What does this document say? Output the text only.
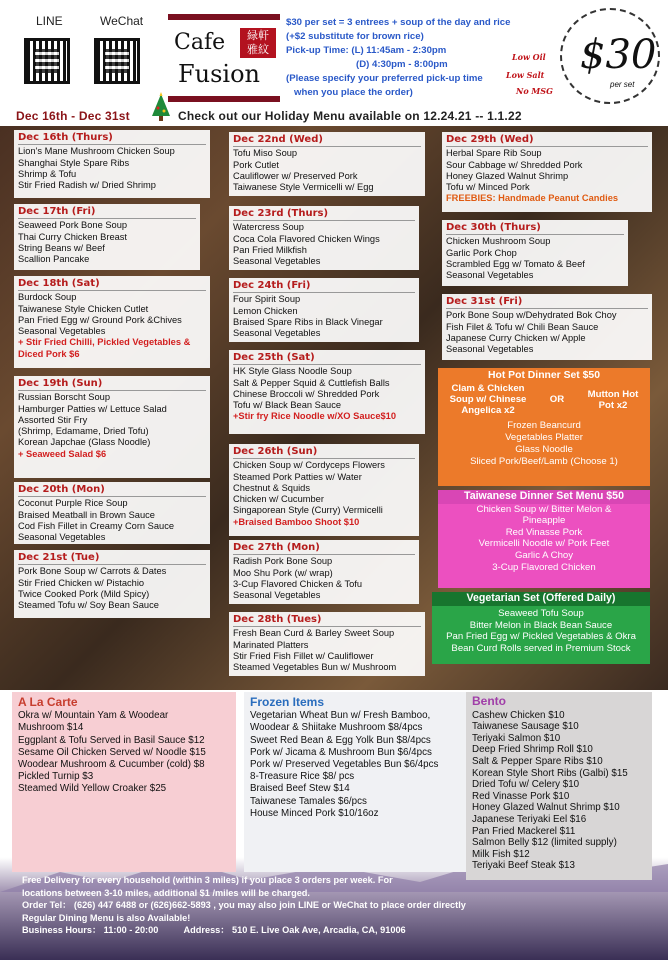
LINE	WeChat
Cafe
Fusion
緑軒
雅紋
$30 per set = 3 entrees + soup of the day and rice
(+$2 substitute for brown rice)
Pick-up Time: (L) 11:45am - 2:30pm
(D) 4:30pm - 8:00pm
(Please specify your preferred pick-up time
when you place the order)
Low Oil
Low Salt
No MSG
$30
per set
Dec 16th - Dec 31st	Check out our Holiday Menu available on 12.24.21 -- 1.1.22
Dec 16th (Thurs)
Lion's Mane Mushroom Chicken Soup
Shanghai Style Spare Ribs
Shrimp & Tofu
Stir Fried Radish w/ Dried Shrimp
Dec 17th (Fri)
Seaweed Pork Bone Soup
Thai Curry Chicken Breast
String Beans w/ Beef
Scallion Pancake
Dec 18th (Sat)
Burdock Soup
Taiwanese Style Chicken Cutlet
Pan Fried Egg w/ Ground Pork &Chives
Seasonal Vegetables
+ Stir Fried Chilli, Pickled Vegetables & Diced Pork $6
Dec 19th (Sun)
Russian Borscht Soup
Hamburger Patties w/ Lettuce Salad
Assorted Stir Fry
(Shrimp, Edamame, Dried Tofu)
Korean Japchae (Glass Noodle)
+ Seaweed Salad $6
Dec 20th (Mon)
Coconut Purple Rice Soup
Braised Meatball in Brown Sauce
Cod Fish Fillet in Creamy Corn Sauce
Seasonal Vegetables
Dec 21st (Tue)
Pork Bone Soup w/ Carrots & Dates
Stir Fried Chicken w/ Pistachio
Twice Cooked Pork (Mild Spicy)
Steamed Tofu w/ Soy Bean Sauce
Dec 22nd (Wed)
Tofu Miso Soup
Pork Cutlet
Cauliflower w/ Preserved Pork
Taiwanese Style Vermicelli w/ Egg
Dec 23rd (Thurs)
Watercress Soup
Coca Cola Flavored Chicken Wings
Pan Fried Milkfish
Seasonal Vegetables
Dec 24th (Fri)
Four Spirit Soup
Lemon Chicken
Braised Spare Ribs in Black Vinegar
Seasonal Vegetables
Dec 25th (Sat)
HK Style Glass Noodle Soup
Salt & Pepper Squid & Cuttlefish Balls
Chinese Broccoli w/ Shredded Pork
Tofu w/ Black Bean Sauce
+Stir fry Rice Noodle w/XO Sauce$10
Dec 26th (Sun)
Chicken Soup w/ Cordyceps Flowers
Steamed Pork Patties w/ Water
Chestnut & Squids
Chicken w/ Cucumber
Singaporean Style (Curry) Vermicelli
+Braised Bamboo Shoot $10
Dec 27th (Mon)
Radish Pork Bone Soup
Moo Shu Pork (w/ wrap)
3-Cup Flavored Chicken & Tofu
Seasonal Vegetables
Dec 28th (Tues)
Fresh Bean Curd & Barley Sweet Soup
Marinated Platters
Stir Fried Fish Fillet w/ Cauliflower
Steamed Vegetables Bun w/ Mushroom
Dec 29th (Wed)
Herbal Spare Rib Soup
Sour Cabbage w/ Shredded Pork
Honey Glazed Walnut Shrimp
Tofu w/ Minced Pork
FREEBIES: Handmade Peanut Candies
Dec 30th (Thurs)
Chicken Mushroom Soup
Garlic Pork Chop
Scrambled Egg w/ Tomato & Beef
Seasonal Vegetables
Dec 31st (Fri)
Pork Bone Soup w/Dehydrated Bok Choy
Fish Filet & Tofu w/ Chili Bean Sauce
Japanese Curry Chicken w/ Apple
Seasonal Vegetables
Hot Pot Dinner Set $50
Clam & Chicken Soup w/ Chinese Angelica x2
OR	Mutton Hot Pot x2
Frozen Beancurd
Vegetables Platter
Glass Noodle
Sliced Pork/Beef/Lamb (Choose 1)
Taiwanese Dinner Set Menu $50
Chicken Soup w/ Bitter Melon &
Pineapple
Red Vinasse Pork
Vermicelli Noodle w/ Pork Feet
Garlic A Choy
3-Cup Flavored Chicken
Vegetarian Set (Offered Daily)
Seaweed Tofu Soup
Bitter Melon in Black Bean Sauce
Pan Fried Egg w/ Pickled Vegetables & Okra
Bean Curd Rolls served in Premium Stock
A La Carte
Okra w/ Mountain Yam & Woodear
Mushroom $14
Eggplant & Tofu Served in Basil Sauce $12
Sesame Oil Chicken Served w/ Noodle $15
Woodear Mushroom & Cucumber (cold) $8
Pickled Turnip $3
Steamed Wild Yellow Croaker $25
Frozen Items
Vegetarian Wheat Bun w/ Fresh Bamboo,
Woodear & Shiitake Mushroom $8/4pcs
Sweet Red Bean & Egg Yolk Bun $8/4pcs
Pork w/ Jicama & Mushroom Bun $6/4pcs
Pork w/ Preserved Vegetables Bun $6/4pcs
8-Treasure Rice $8/ pcs
Braised Beef Stew $14
Taiwanese Tamales $6/pcs
House Minced Pork $10/16oz
Bento
Cashew Chicken $10
Taiwanese Sausage $10
Teriyaki Salmon $10
Deep Fried Shrimp Roll $10
Salt & Pepper Spare Ribs $10
Korean Style Short Ribs (Galbi) $15
Dried Tofu w/ Celery $10
Red Vinasse Pork $10
Honey Glazed Walnut Shrimp $10
Japanese Teriyaki Eel $16
Pan Fried Mackerel $11
Salmon Belly $12 (limited supply)
Milk Fish $12
Teriyaki Beef Steak $13
Free Delivery for every household (within 3 miles) if you place 3 orders per week. For
locations between 3-10 miles, additional $1 /miles will be charged.
Order Tel： (626) 447 6488 or (626)662-5893 , you may also join LINE or WeChat to place order directly
Regular Dining Menu is also Available!
Business Hours： 11:00 - 20:00          Address： 510 E. Live Oak Ave, Arcadia, CA, 91006
